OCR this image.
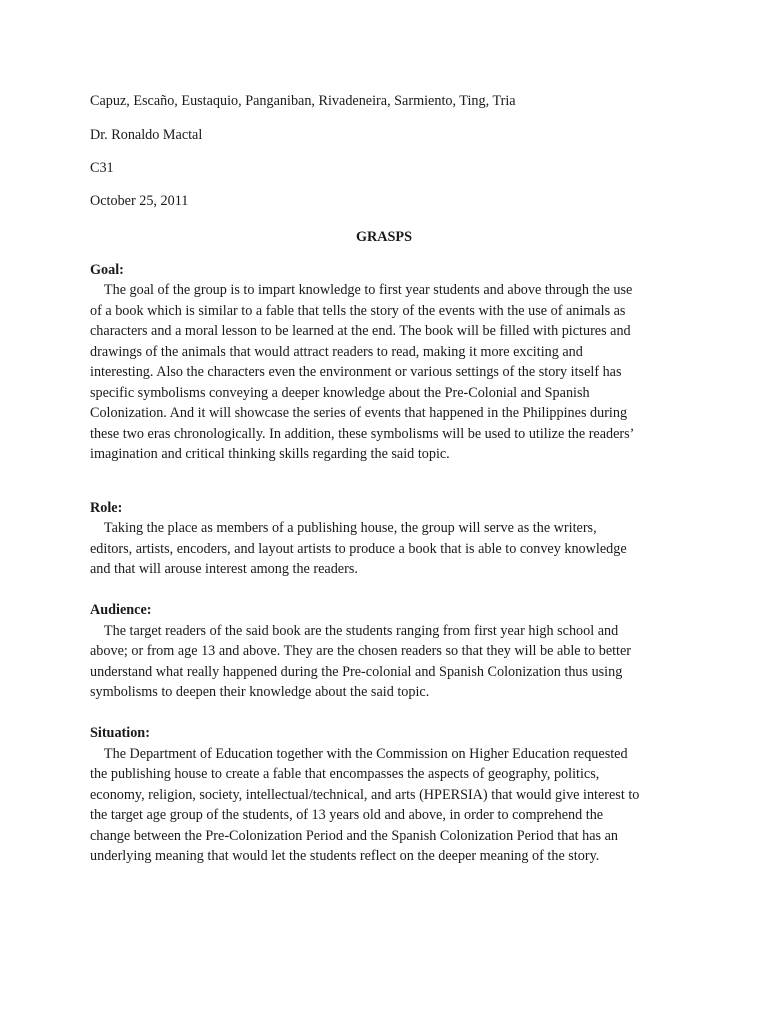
Capuz, Escaño, Eustaquio, Panganiban, Rivadeneira, Sarmiento, Ting, Tria
Dr. Ronaldo Mactal
C31
October 25, 2011
GRASPS
Goal:
The goal of the group is to impart knowledge to first year students and above through the use
of a book which is similar to a fable that tells the story of the events with the use of animals as
characters and a moral lesson to be learned at the end. The book will be filled with pictures and
drawings of the animals that would attract readers to read, making it more exciting and
interesting. Also the characters even the environment or various settings of the story itself has
specific symbolisms conveying a deeper knowledge about the Pre-Colonial and Spanish
Colonization. And it will showcase the series of events that happened in the Philippines during
these two eras chronologically. In addition, these symbolisms will be used to utilize the readers’
imagination and critical thinking skills regarding the said topic.
Role:
Taking the place as members of a publishing house, the group will serve as the writers,
editors, artists, encoders, and layout artists to produce a book that is able to convey knowledge
and that will arouse interest among the readers.
Audience:
The target readers of the said book are the students ranging from first year high school and
above; or from age 13 and above. They are the chosen readers so that they will be able to better
understand what really happened during the Pre-colonial and Spanish Colonization thus using
symbolisms to deepen their knowledge about the said topic.
Situation:
The Department of Education together with the Commission on Higher Education requested
the publishing house to create a fable that encompasses the aspects of geography, politics,
economy, religion, society, intellectual/technical, and arts (HPERSIA) that would give interest to
the target age group of the students, of 13 years old and above, in order to comprehend the
change between the Pre-Colonization Period and the Spanish Colonization Period that has an
underlying meaning that would let the students reflect on the deeper meaning of the story.
